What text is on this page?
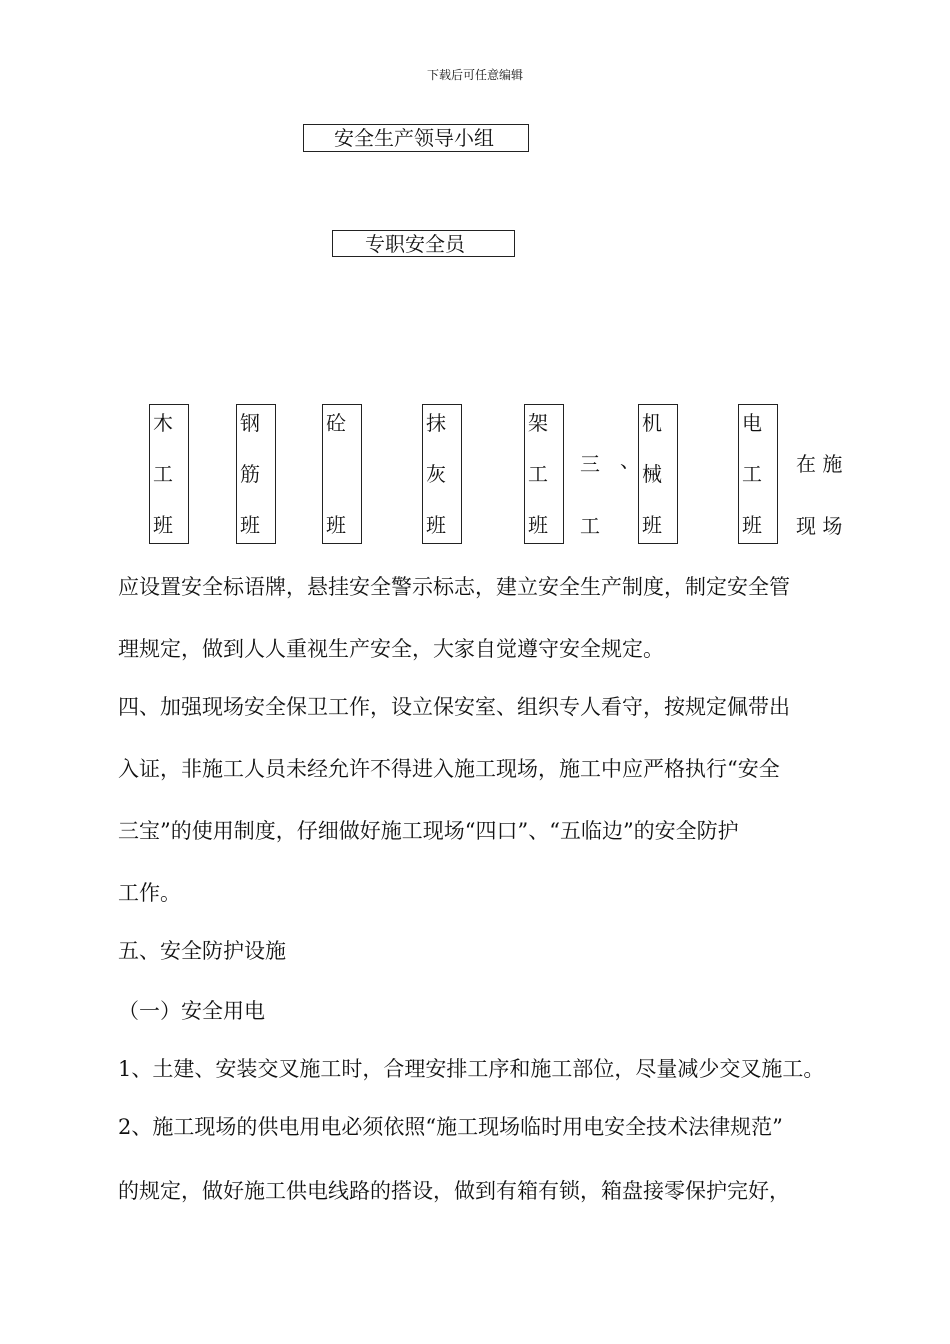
下载后可任意编辑
安全生产领导小组
专职安全员
木
工
班
钢
筋
班
砼
班
抹
灰
班
架
工
班
机
械
班
电
工
班
三
工
、	在 施
现 场
应设置安全标语牌，悬挂安全警示标志，建立安全生产制度，制定安全管
理规定，做到人人重视生产安全，大家自觉遵守安全规定。
四、加强现场安全保卫工作，设立保安室、组织专人看守，按规定佩带出
入证，非施工人员未经允许不得进入施工现场，施工中应严格执行“安全
三宝”的使用制度，仔细做好施工现场“四口”、“五临边”的安全防护
工作。
五、安全防护设施
（一）安全用电
1、土建、安装交叉施工时，合理安排工序和施工部位，尽量减少交叉施工。
2、施工现场的供电用电必须依照“施工现场临时用电安全技术法律规范”
的规定，做好施工供电线路的搭设，做到有箱有锁，箱盘接零保护完好，
